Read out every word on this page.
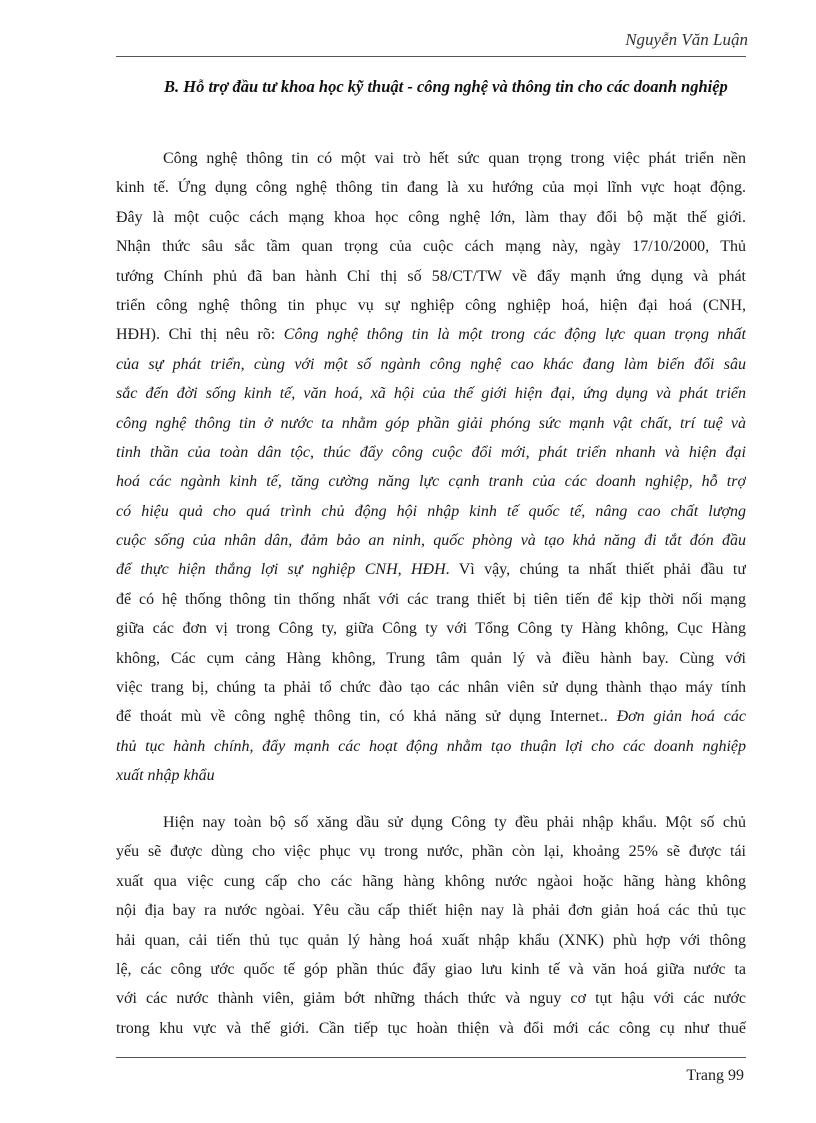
Nguyễn Văn Luận
B. Hỗ trợ đầu tư khoa học kỹ thuật - công nghệ và thông tin cho các doanh nghiệp
Công nghệ thông tin có một vai trò hết sức quan trọng trong việc phát triển nền
kinh tế. Ứng dụng công nghệ thông tin đang là xu hướng của mọi lĩnh vực hoạt động.
Đây là một cuộc cách mạng khoa học công nghệ lớn, làm thay đổi bộ mặt thế giới.
Nhận thức sâu sắc tầm quan trọng của cuộc cách mạng này, ngày 17/10/2000, Thủ
tướng Chính phủ đã ban hành Chỉ thị số 58/CT/TW về đẩy mạnh ứng dụng và phát
triển công nghệ thông tin phục vụ sự nghiệp công nghiệp hoá, hiện đại hoá (CNH,
HĐH). Chỉ thị nêu rõ: Công nghệ thông tin là một trong các động lực quan trọng nhất
của sự phát triển, cùng với một số ngành công nghệ cao khác đang làm biến đổi sâu
sắc đến đời sống kinh tế, văn hoá, xã hội của thế giới hiện đại, ứng dụng và phát triển
công nghệ thông tin ở nước ta nhằm góp phần giải phóng sức mạnh vật chất, trí tuệ và
tinh thần của toàn dân tộc, thúc đẩy công cuộc đổi mới, phát triển nhanh và hiện đại
hoá các ngành kinh tế, tăng cường năng lực cạnh tranh của các doanh nghiệp, hỗ trợ
có hiệu quả cho quá trình chủ động hội nhập kinh tế quốc tế, nâng cao chất lượng
cuộc sống của nhân dân, đảm bảo an ninh, quốc phòng và tạo khả năng đi tắt đón đầu
để thực hiện thắng lợi sự nghiệp CNH, HĐH. Vì vậy, chúng ta nhất thiết phải đầu tư
để có hệ thống thông tin thống nhất với các trang thiết bị tiên tiến để kịp thời nối mạng
giữa các đơn vị trong Công ty, giữa Công ty với Tổng Công ty Hàng không, Cục Hàng
không, Các cụm cảng Hàng không, Trung tâm quản lý và điều hành bay. Cùng với
việc trang bị, chúng ta phải tổ chức đào tạo các nhân viên sử dụng thành thạo máy tính
để thoát mù về công nghệ thông tin, có khả năng sử dụng Internet.. Đơn giản hoá các
thủ tục hành chính, đẩy mạnh các hoạt động nhằm tạo thuận lợi cho các doanh nghiệp
xuất nhập khẩu
Hiện nay toàn bộ số xăng dầu sử dụng Công ty đều phải nhập khẩu. Một số chủ
yếu sẽ được dùng cho việc phục vụ trong nước, phần còn lại, khoảng 25% sẽ được tái
xuất qua việc cung cấp cho các hãng hàng không nước ngàoi hoặc hãng hàng không
nội địa bay ra nước ngòai. Yêu cầu cấp thiết hiện nay là phải đơn giản hoá các thủ tục
hải quan, cải tiến thủ tục quản lý hàng hoá xuất nhập khẩu (XNK) phù hợp với thông
lệ, các công ước quốc tế góp phần thúc đẩy giao lưu kinh tế và văn hoá giữa nước ta
với các nước thành viên, giảm bớt những thách thức và nguy cơ tụt hậu với các nước
trong khu vực và thế giới. Cần tiếp tục hoàn thiện và đổi mới các công cụ như thuế
Trang 99
